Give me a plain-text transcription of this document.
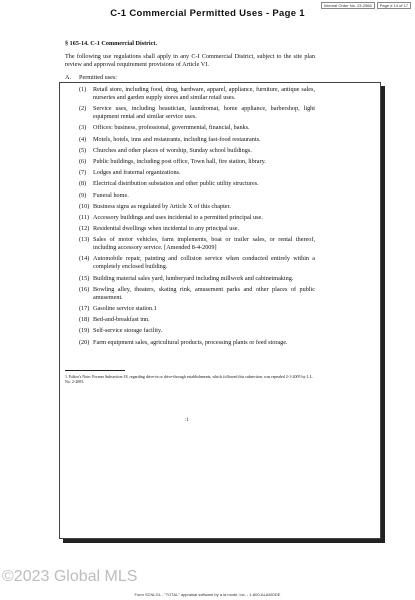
Internal Order No. 23-2566	Page # 14 of 17
C-1 Commercial Permitted Uses - Page 1
§ 165-14. C-1 Commercial District.
The following use regulations shall apply in any C-I Commercial District, subject to the site plan review and approval requirement provisions of Article VI.
A.	Permitted uses:
(1)	Retail store, including food, drug, hardware, apparel, appliance, furniture, antique sales, nurseries and garden supply stores and similar retail uses.
(2)	Service uses, including beautician, laundromat, home appliance, barbershop, light equipment rental and similar service uses.
(3)	Offices: business, professional, governmental, financial, banks.
(4)	Motels, hotels, inns and restaurants, including fast-food restaurants.
(5)	Churches and other places of worship, Sunday school buildings.
(6)	Public buildings, including post office, Town hall, fire station, library.
(7)	Lodges and fraternal organizations.
(8)	Electrical distribution substation and other public utility structures.
(9)	Funeral home.
(10) Business signs as regulated by Article X of this chapter.
(11) Accessory buildings and uses incidental to a permitted principal use.
(12) Residential dwellings when incidental to any principal use.
(13) Sales of motor vehicles, farm implements, boat or trailer sales, or rental thereof, including accessory service. [Amended 8-4-2009]
(14) Automobile repair, painting and collision service when conducted entirely within a completely enclosed building.
(15) Building material sales yard, lumberyard including millwork and cabinetmaking.
(16) Bowling alley, theaters, skating rink, amusement parks and other places of public amusement.
(17) Gasoline service station.1
(18) Bed-and-breakfast inn.
(19) Self-service storage facility.
(20) Farm equipment sales, agricultural products, processing plants or feed storage.
1. Editor's Note: Former Subsection 18, regarding drive-in or drive-through establishments, which followed this subsection, was repealed 2-1-2005 by L.L. No. 2-2005.
:1
©2023 Global MLS
Form SCNLGL - "TOTAL" appraisal software by a la mode, inc. - 1-800-ALAMODE
